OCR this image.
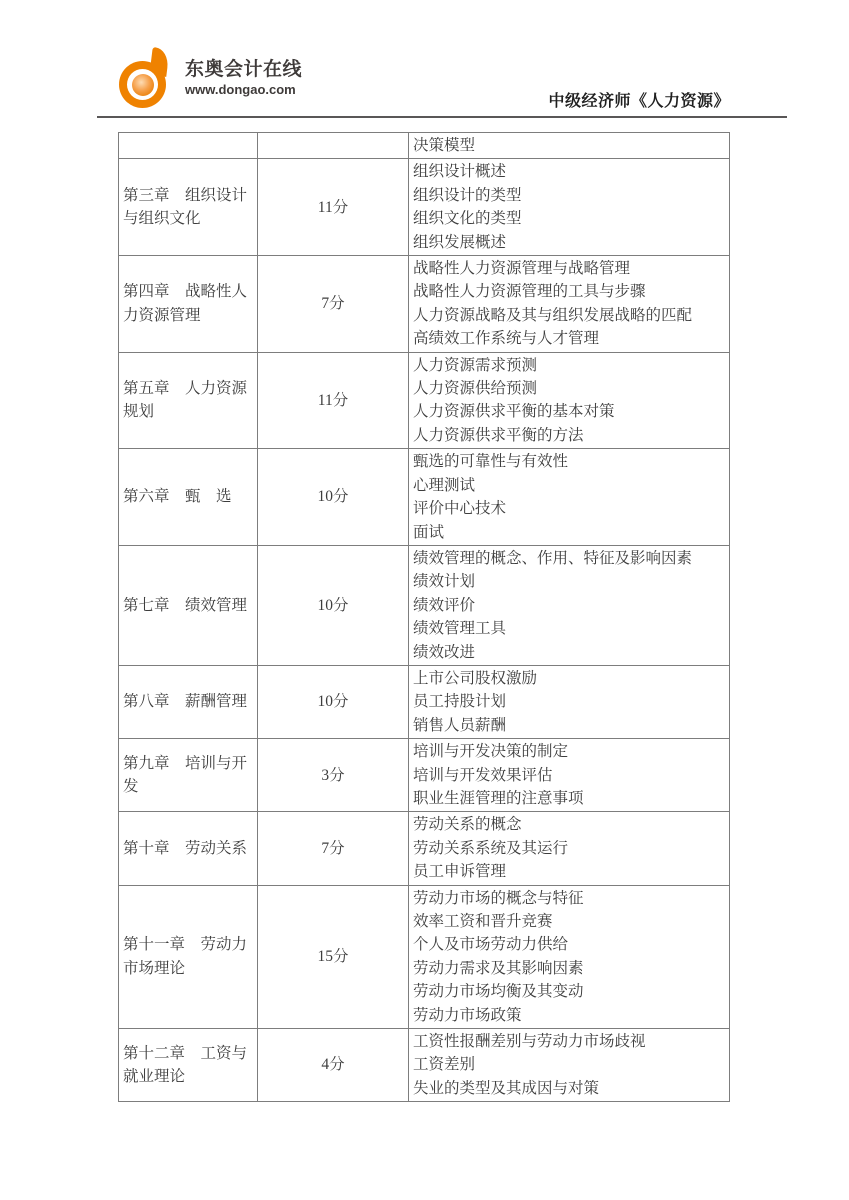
东奥会计在线
www.dongao.com
中级经济师《人力资源》

		决策模型

第三章　组织设计与组织文化	11分	组织设计概述
组织设计的类型
组织文化的类型
组织发展概述

第四章　战略性人力资源管理	7分	战略性人力资源管理与战略管理
战略性人力资源管理的工具与步骤
人力资源战略及其与组织发展战略的匹配
高绩效工作系统与人才管理

第五章　人力资源规划	11分	人力资源需求预测
人力资源供给预测
人力资源供求平衡的基本对策
人力资源供求平衡的方法

第六章　甄　选	10分	甄选的可靠性与有效性
心理测试
评价中心技术
面试

第七章　绩效管理	10分	绩效管理的概念、作用、特征及影响因素
绩效计划
绩效评价
绩效管理工具
绩效改进

第八章　薪酬管理	10分	上市公司股权激励
员工持股计划
销售人员薪酬

第九章　培训与开发	3分	培训与开发决策的制定
培训与开发效果评估
职业生涯管理的注意事项

第十章　劳动关系	7分	劳动关系的概念
劳动关系系统及其运行
员工申诉管理

第十一章　劳动力市场理论	15分	
劳动力市场的概念与特征
效率工资和晋升竞赛
个人及市场劳动力供给
劳动力需求及其影响因素
劳动力市场均衡及其变动
劳动力市场政策

第十二章　工资与就业理论	4分	工资性报酬差别与劳动力市场歧视
工资差别
失业的类型及其成因与对策
